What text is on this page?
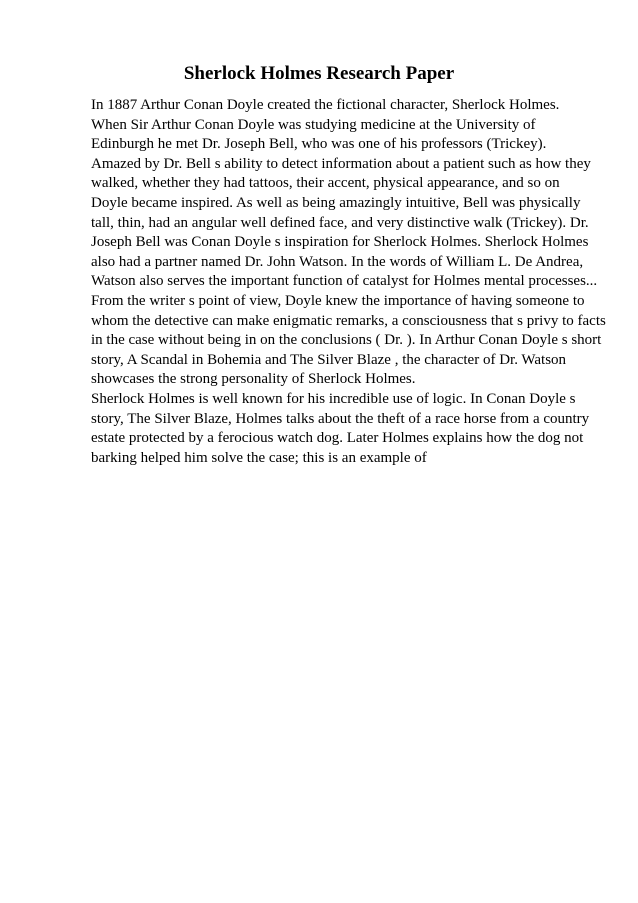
Sherlock Holmes Research Paper
In 1887 Arthur Conan Doyle created the fictional character, Sherlock Holmes.
When Sir Arthur Conan Doyle was studying medicine at the University of
Edinburgh he met Dr. Joseph Bell, who was one of his professors (Trickey).
Amazed by Dr. Bell s ability to detect information about a patient such as how they
walked, whether they had tattoos, their accent, physical appearance, and so on
Doyle became inspired. As well as being amazingly intuitive, Bell was physically
tall, thin, had an angular well defined face, and very distinctive walk (Trickey). Dr.
Joseph Bell was Conan Doyle s inspiration for Sherlock Holmes. Sherlock Holmes
also had a partner named Dr. John Watson. In the words of William L. De Andrea,
Watson also serves the important function of catalyst for Holmes mental processes...
From the writer s point of view, Doyle knew the importance of having someone to
whom the detective can make enigmatic remarks, a consciousness that s privy to facts
in the case without being in on the conclusions ( Dr. ). In Arthur Conan Doyle s short
story, A Scandal in Bohemia and The Silver Blaze , the character of Dr. Watson
showcases the strong personality of Sherlock Holmes.
Sherlock Holmes is well known for his incredible use of logic. In Conan Doyle s
story, The Silver Blaze, Holmes talks about the theft of a race horse from a country
estate protected by a ferocious watch dog. Later Holmes explains how the dog not
barking helped him solve the case; this is an example of
